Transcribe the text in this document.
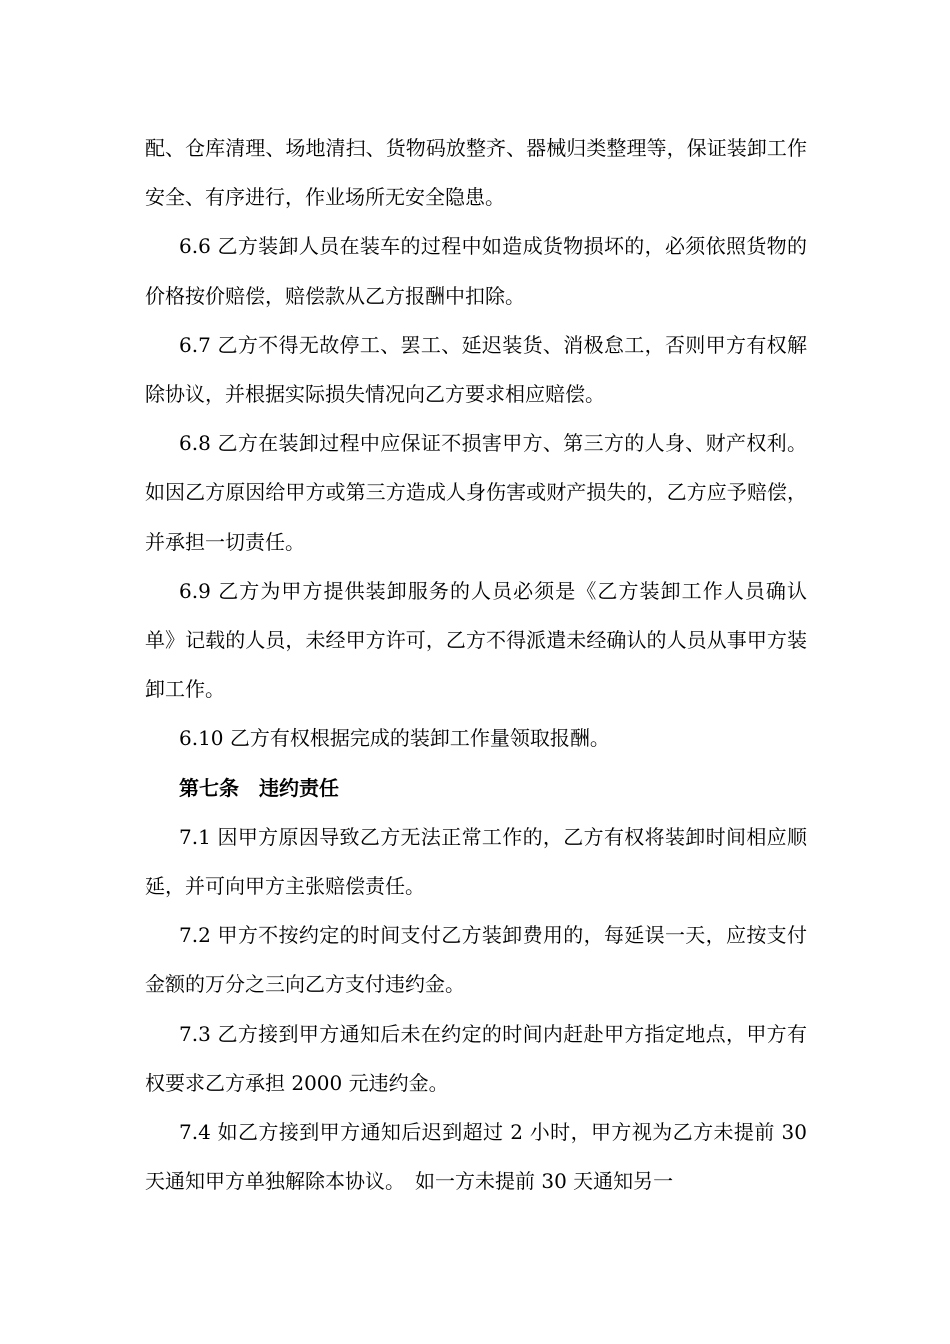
配、仓库清理、场地清扫、货物码放整齐、器械归类整理等，保证装卸工作安全、有序进行，作业场所无安全隐患。

6.6 乙方装卸人员在装车的过程中如造成货物损坏的，必须依照货物的价格按价赔偿，赔偿款从乙方报酬中扣除。

6.7 乙方不得无故停工、罢工、延迟装货、消极怠工，否则甲方有权解除协议，并根据实际损失情况向乙方要求相应赔偿。

6.8 乙方在装卸过程中应保证不损害甲方、第三方的人身、财产权利。如因乙方原因给甲方或第三方造成人身伤害或财产损失的，乙方应予赔偿，并承担一切责任。

6.9 乙方为甲方提供装卸服务的人员必须是《乙方装卸工作人员确认单》记载的人员，未经甲方许可，乙方不得派遣未经确认的人员从事甲方装卸工作。

6.10 乙方有权根据完成的装卸工作量领取报酬。

第七条　违约责任

7.1 因甲方原因导致乙方无法正常工作的，乙方有权将装卸时间相应顺延，并可向甲方主张赔偿责任。

7.2 甲方不按约定的时间支付乙方装卸费用的，每延误一天，应按支付金额的万分之三向乙方支付违约金。

7.3 乙方接到甲方通知后未在约定的时间内赶赴甲方指定地点，甲方有权要求乙方承担 2000 元违约金。

7.4 如乙方接到甲方通知后迟到超过 2 小时，甲方视为乙方未提前 30 天通知甲方单独解除本协议。　如一方未提前 30 天通知另一
